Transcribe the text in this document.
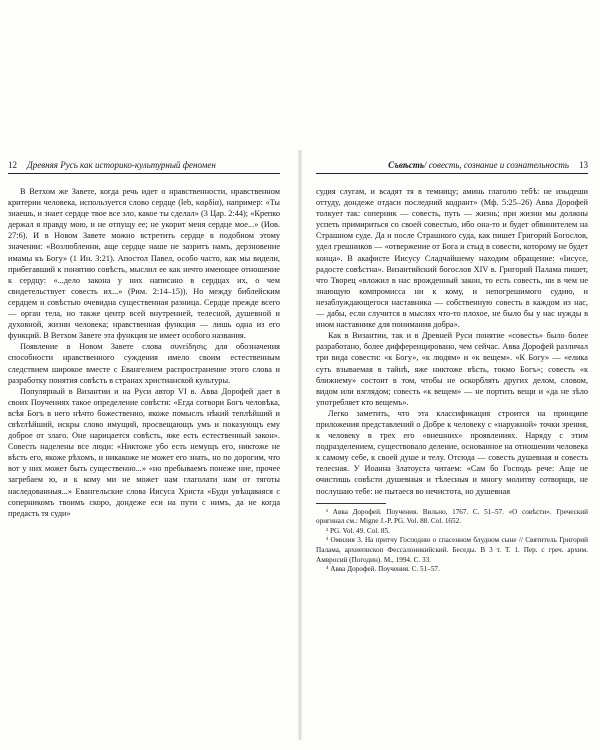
12	Древняя Русь как историко-культурный феномен

В Ветхом же Завете, когда речь идет о нравственности, нравственном критерии человека, используется слово сердце (leb, καρδία), например: «Ты знаешь, и знает сердце твое все зло, какое ты сделал» (3 Цар. 2:44); «Крепко держал я правду мою, и не отпущу ее; не укорит меня сердце мое...» (Иов. 27:6). И в Новом Завете можно встретить сердце в подобном этому значении: «Возлюбленни, аще сердце наше не зазритъ намъ, дерзновение имамы къ Богу» (1 Ин. 3:21). Апостол Павел, особо часто, как мы видели, прибегавший к понятию совѣсть, мыслил ее как нечто имеющее отношение к сердцу: «...дело закона у них написано в сердцах их, о чем свидетельствует совесть их...» (Рим. 2:14–15)). Но между библейским сердцем и совѣстью очевидна существенная разница. Сердце прежде всего — орган тела, но также центр всей внутренней, телесной, душевной и духовной, жизни человека; нравственная функция — лишь одна из его функций. В Ветхом Завете эта функция не имеет особого названия.

Появление в Новом Завете слова συνείδησις для обозначения способности нравственного суждения имело своим естественным следствием широкое вместе с Евангелием распространение этого слова и разработку понятия совѣсть в странах христианской культуры.

Популярный в Византии и на Руси автор VI в. Авва Дорофей дает в своих Поучениях такое определение совѣсти: «Егда сотвори Богъ человѣка, всѣя Богъ в него нѣчто божественно, якоже помыслъ нѣкий теплѣйший и свѣтлѣйший, искры слово имущий, просвещающъ умъ и показующъ ему доброе от злаго. Оне нарицается совѣсть, яже есть естественный закон». Совесть наделены все люди: «Никтоже убо есть немущъ его, никтоже не вѣсть его, якоже рѣхомъ, и никакоже не может его знать, но по дорогим, что вот у них может быть существенно...» «но пребываемъ понеже ние, прочее загребаем ю, и к кому ми не может нам глаголати нам от тяготы наследованныя...» Евангельские слова Иисуса Христа «Буди увѣщаваяся с соперникомъ твоимъ скоро, дондеже еси на пути с нимъ, да не когда предасть тя суди»

Съвѣсть/ совесть, сознание и сознательность	13

судия слугам, и всадят тя в темницу; аминь глаголю тебѣ: не изыдеши оттуду, дондеже отдаси последний кодрант» (Мф. 5:25–26) Авва Дорофей толкует так: соперник — совесть, путь — жизнь; при жизни мы должны успеть примириться со своей совестью, ибо она-то и будет обвинителем на Страшном суде. Да и после Страшного суда, как пишет Григорий Богослов, удел грешников — «отвержение от Бога и стыд в совести, которому не будет конца». В акафисте Иисусу Сладчайшему находим обращение: «Іисусе, радосте совѣстна». Византийский богослов XIV в. Григорий Палама пишет, что Творец «вложил в нас врожденный закон, то есть совесть, ни в чем не знающую компромисса ни к кому, и непогрешимого судию, и незаблуждающегося наставника — собственную совесть в каждом из нас, — дабы, если случится в мыслях что-то плохое, не было бы у нас нужды в ином наставнике для понимания добра».

Как в Византии, так и в Древней Руси понятие «совесть» было более разработано, более дифференцировано, чем сейчас. Авва Дорофей различал три вида совести: «к Богу», «к людям» и «к вещем». «К Богу» — «елика суть взываемая в тайнѣ, яже никтоже вѣсть, токмо Богъ»; совесть «к ближнему» состоит в том, чтобы не оскорблять других делом, словом, видом или взглядом; совесть «к вещем» — не портить вещи и «да не зѣло употребляет кто вещемъ».

Легко заметить, что эта классификация строится на принципе приложения представлений о Добре к человеку с «наружной» точки зрения, к человеку в трех его «внешних» проявлениях. Наряду с этим подразделением, существовало деление, основанное на отношении человека к самому себе, к своей душе и телу. Отсюда — совесть душевная и совесть телесная. У Иоанна Златоуста читаем: «Сам бо Господь рече: Аще не очистишь совѣсти душевныя и тѣлесныя и многу молитву сотворщи, не послушаю тебе: не пытаеся во нечистота, но душевная

¹ Авва Дорофей. Поучения. Вильно, 1767. С. 51–57. «О совѣсти». Греческий оригинал см.: Migne J.-P. PG. Vol. 88. Col. 1652.

² PG. Vol. 49. Col. 85.

³ Омилия 3. На притчу Господню о спасенном блудном сыне // Святитель Григорий Палама, архиепископ Фессалоникийский. Беседы. В 3 т. Т. 1. Пер. с греч. архим. Амвросий (Погодин). М., 1994. С. 33.

⁴ Авва Дорофей. Поучения. С. 51–57.
